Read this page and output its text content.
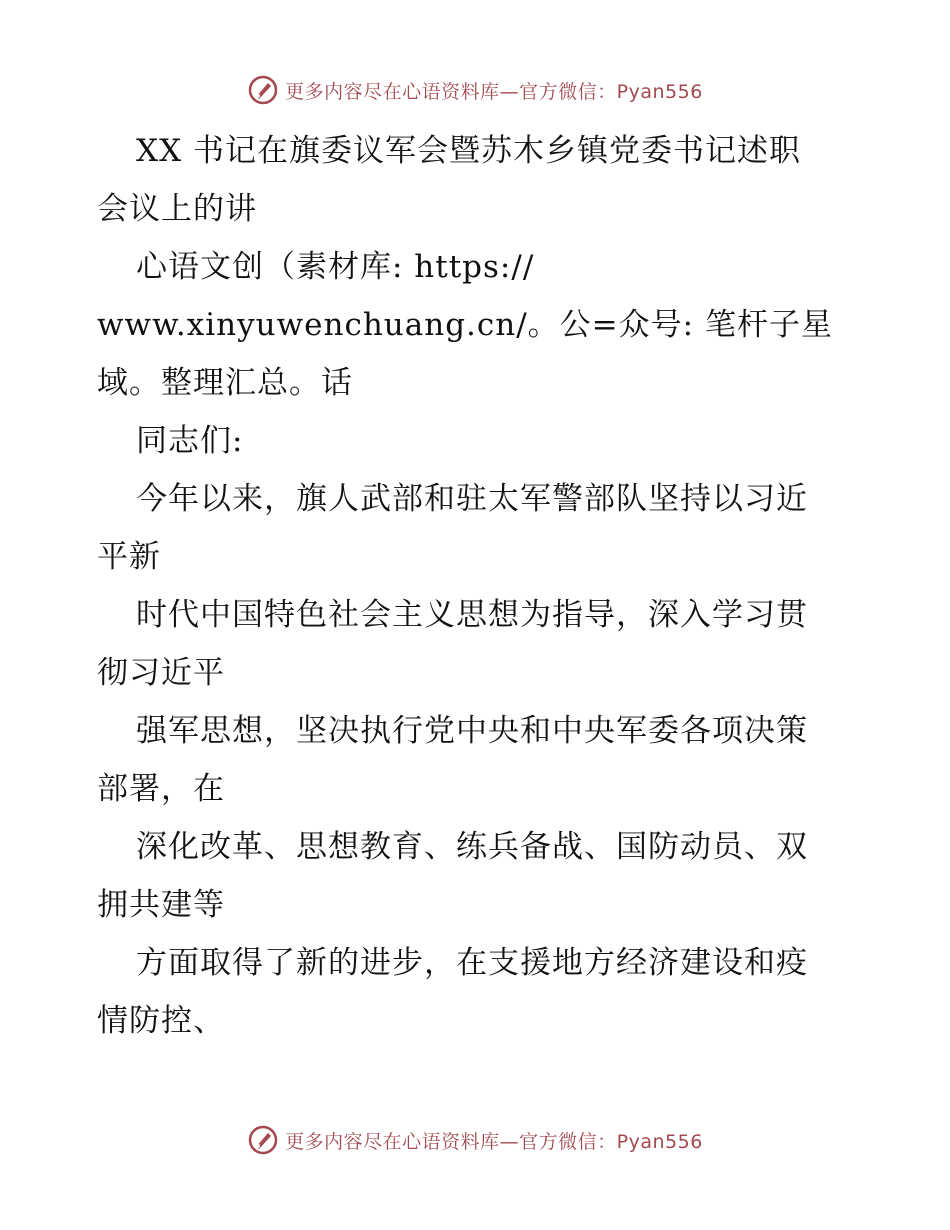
更多内容尽在心语资料库—官方微信：Pyan556
XX 书记在旗委议军会暨苏木乡镇党委书记述职
会议上的讲
心语文创（素材库: https://
www.xinyuwenchuang.cn/。公=众号: 笔杆子星
域。整理汇总。话
同志们:
今年以来，旗人武部和驻太军警部队坚持以习近
平新
时代中国特色社会主义思想为指导，深入学习贯
彻习近平
强军思想，坚决执行党中央和中央军委各项决策
部署，在
深化改革、思想教育、练兵备战、国防动员、双
拥共建等
方面取得了新的进步，在支援地方经济建设和疫
情防控、
更多内容尽在心语资料库—官方微信：Pyan556
